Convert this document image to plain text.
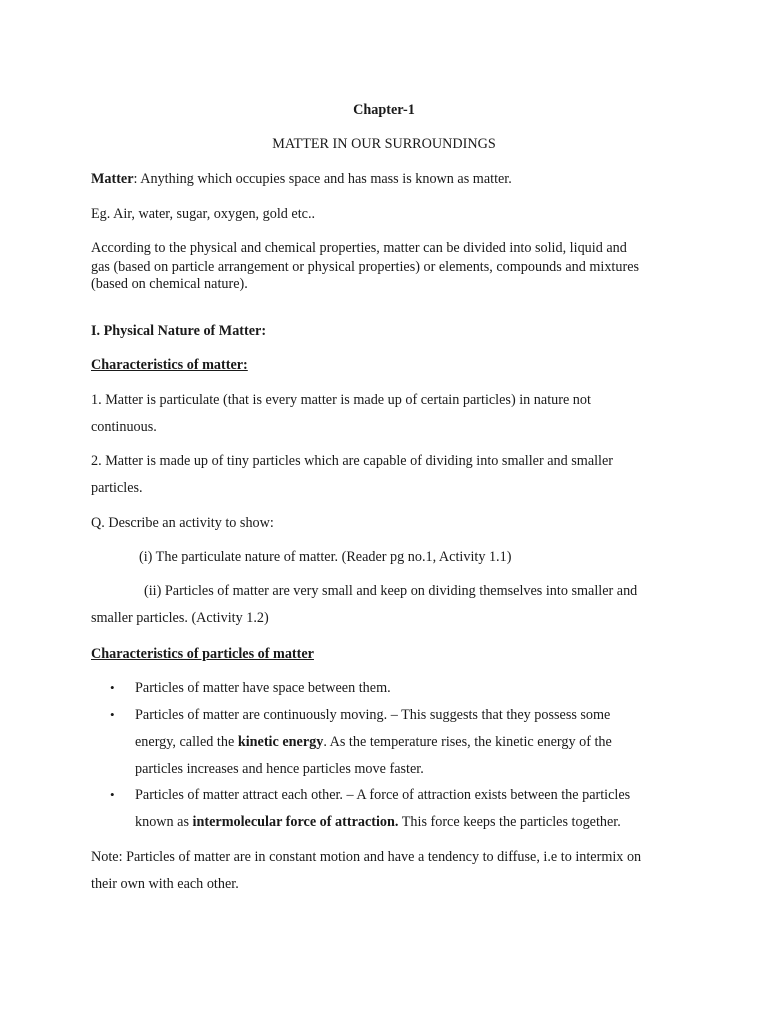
Chapter-1
MATTER IN OUR SURROUNDINGS
Matter: Anything which occupies space and has mass is known as matter.
Eg. Air, water, sugar, oxygen, gold etc..
According to the physical and chemical properties, matter can be divided into solid, liquid and
gas (based on particle arrangement or physical properties) or elements, compounds and mixtures
(based on chemical nature).
I. Physical Nature of Matter:
Characteristics of matter:
1. Matter is particulate (that is every matter is made up of certain particles) in nature not
continuous.
2. Matter is made up of tiny particles which are capable of dividing into smaller and smaller
particles.
Q. Describe an activity to show:
(i) The particulate nature of matter. (Reader pg no.1, Activity 1.1)
(ii) Particles of matter are very small and keep on dividing themselves into smaller and
smaller particles. (Activity 1.2)
Characteristics of particles of matter
• Particles of matter have space between them.
• Particles of matter are continuously moving. – This suggests that they possess some
energy, called the kinetic energy. As the temperature rises, the kinetic energy of the
particles increases and hence particles move faster.
• Particles of matter attract each other. – A force of attraction exists between the particles
known as intermolecular force of attraction. This force keeps the particles together.
Note: Particles of matter are in constant motion and have a tendency to diffuse, i.e to intermix on
their own with each other.
